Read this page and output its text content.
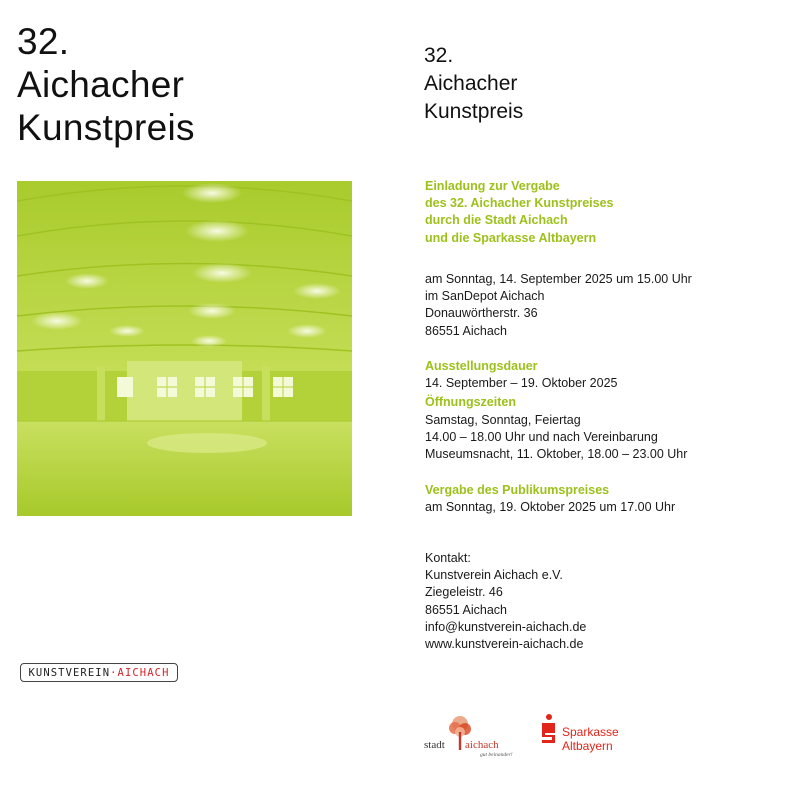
32.
Aichacher
Kunstpreis
KUNSTVEREIN·AICHACH
32.
Aichacher
Kunstpreis
Einladung zur Vergabe
des 32. Aichacher Kunstpreises
durch die Stadt Aichach
und die Sparkasse Altbayern
am Sonntag, 14. September 2025 um 15.00 Uhr
im SanDepot Aichach
Donauwörtherstr. 36
86551 Aichach
Ausstellungsdauer
14. September – 19. Oktober 2025
Öffnungszeiten
Samstag, Sonntag, Feiertag
14.00 – 18.00 Uhr und nach Vereinbarung
Museumsnacht, 11. Oktober, 18.00 – 23.00 Uhr
Vergabe des Publikumspreises
am Sonntag, 19. Oktober 2025 um 17.00 Uhr
Kontakt:
Kunstverein Aichach e.V.
Ziegeleistr. 46
86551 Aichach
info@kunstverein-aichach.de
www.kunstverein-aichach.de
stadt aichach
gut beinander!
Sparkasse
Altbayern
